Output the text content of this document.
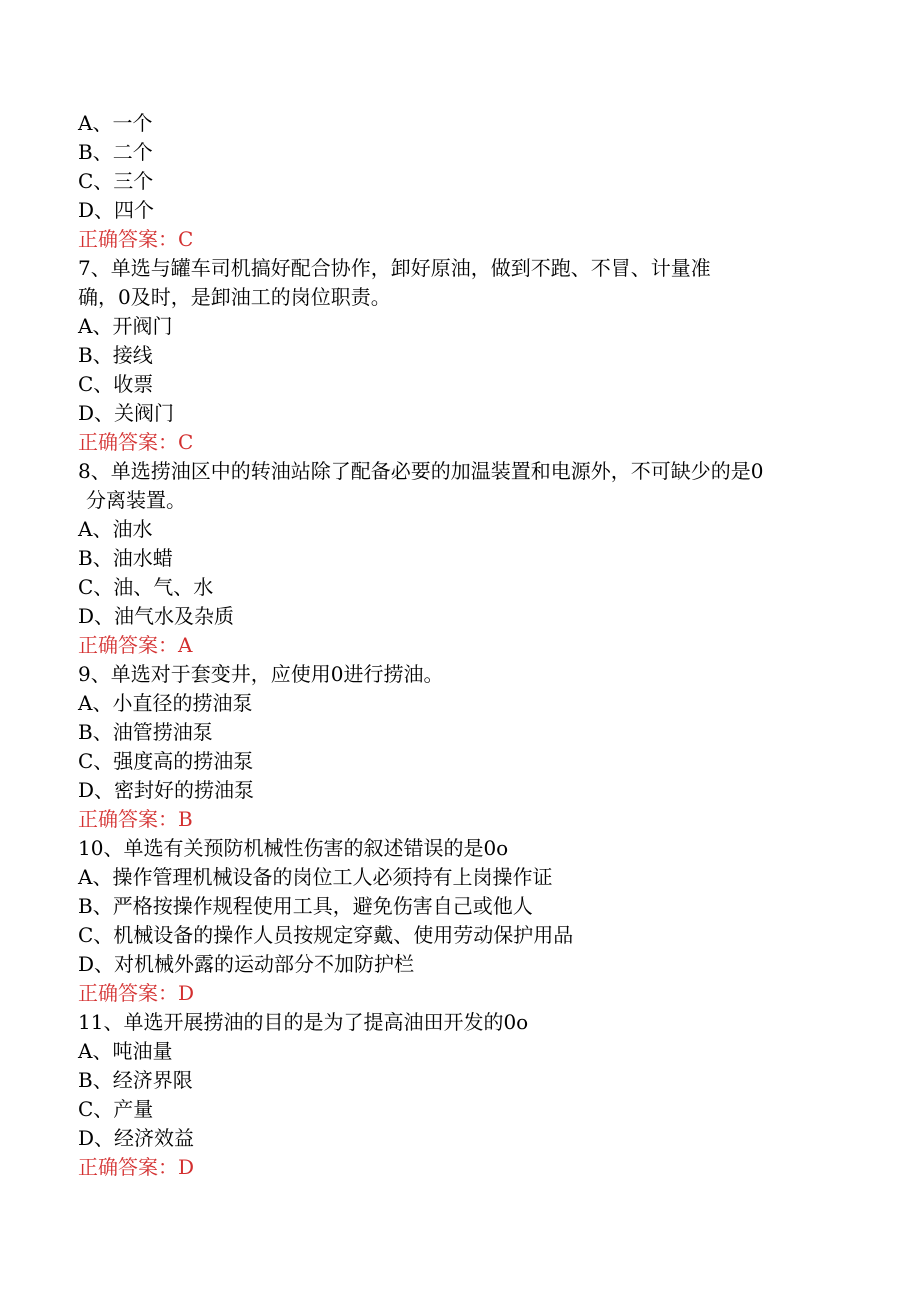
A、一个
B、二个
C、三个
D、四个
正确答案：C
7、单选与罐车司机搞好配合协作，卸好原油，做到不跑、不冒、计量准
确，0及时，是卸油工的岗位职责。
A、开阀门
B、接线
C、收票
D、关阀门
正确答案：C
8、单选捞油区中的转油站除了配备必要的加温装置和电源外，不可缺少的是0
分离装置。
A、油水
B、油水蜡
C、油、气、水
D、油气水及杂质
正确答案：A
9、单选对于套变井，应使用0进行捞油。
A、小直径的捞油泵
B、油管捞油泵
C、强度高的捞油泵
D、密封好的捞油泵
正确答案：B
10、单选有关预防机械性伤害的叙述错误的是0o
A、操作管理机械设备的岗位工人必须持有上岗操作证
B、严格按操作规程使用工具，避免伤害自己或他人
C、机械设备的操作人员按规定穿戴、使用劳动保护用品
D、对机械外露的运动部分不加防护栏
正确答案：D
11、单选开展捞油的目的是为了提高油田开发的0o
A、吨油量
B、经济界限
C、产量
D、经济效益
正确答案：D
